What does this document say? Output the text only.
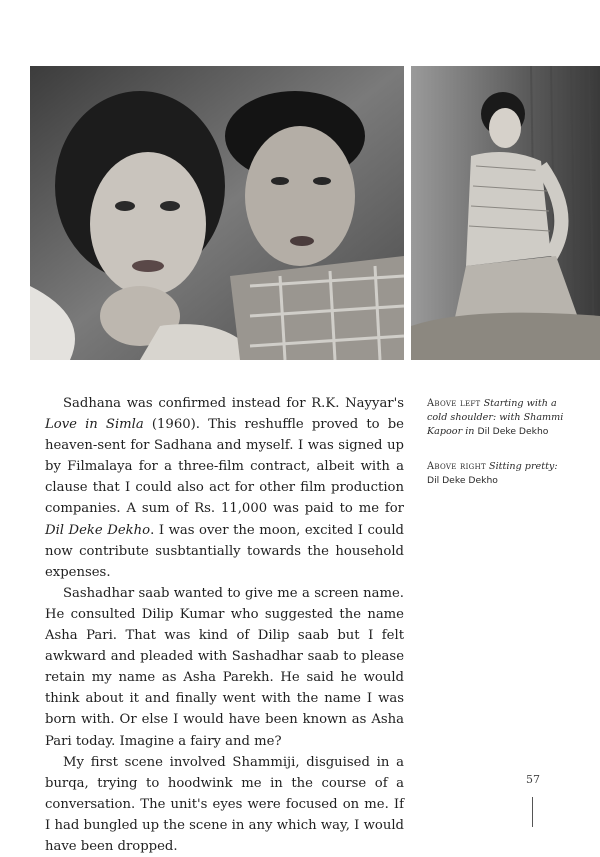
Sadhana was confirmed instead for R.K. Nayyar's Love in Simla (1960). This reshuffle proved to be heaven-sent for Sadhana and myself. I was signed up by Filmalaya for a three-film contract, albeit with a clause that I could also act for other film production companies. A sum of Rs. 11,000 was paid to me for Dil Deke Dekho. I was over the moon, excited I could now contribute susbtantially towards the household expenses.

Sashadhar saab wanted to give me a screen name. He consulted Dilip Kumar who suggested the name Asha Pari. That was kind of Dilip saab but I felt awkward and pleaded with Sashadhar saab to please retain my name as Asha Parekh. He said he would think about it and finally went with the name I was born with. Or else I would have been known as Asha Pari today. Imagine a fairy and me?

My first scene involved Shammiji, disguised in a burqa, trying to hoodwink me in the course of a conversation. The unit's eyes were focused on me. If I had bungled up the scene in any which way, I would have been dropped.

Above left Starting with a cold shoulder: with Shammi Kapoor in Dil Deke Dekho

Above right Sitting pretty: Dil Deke Dekho

57
